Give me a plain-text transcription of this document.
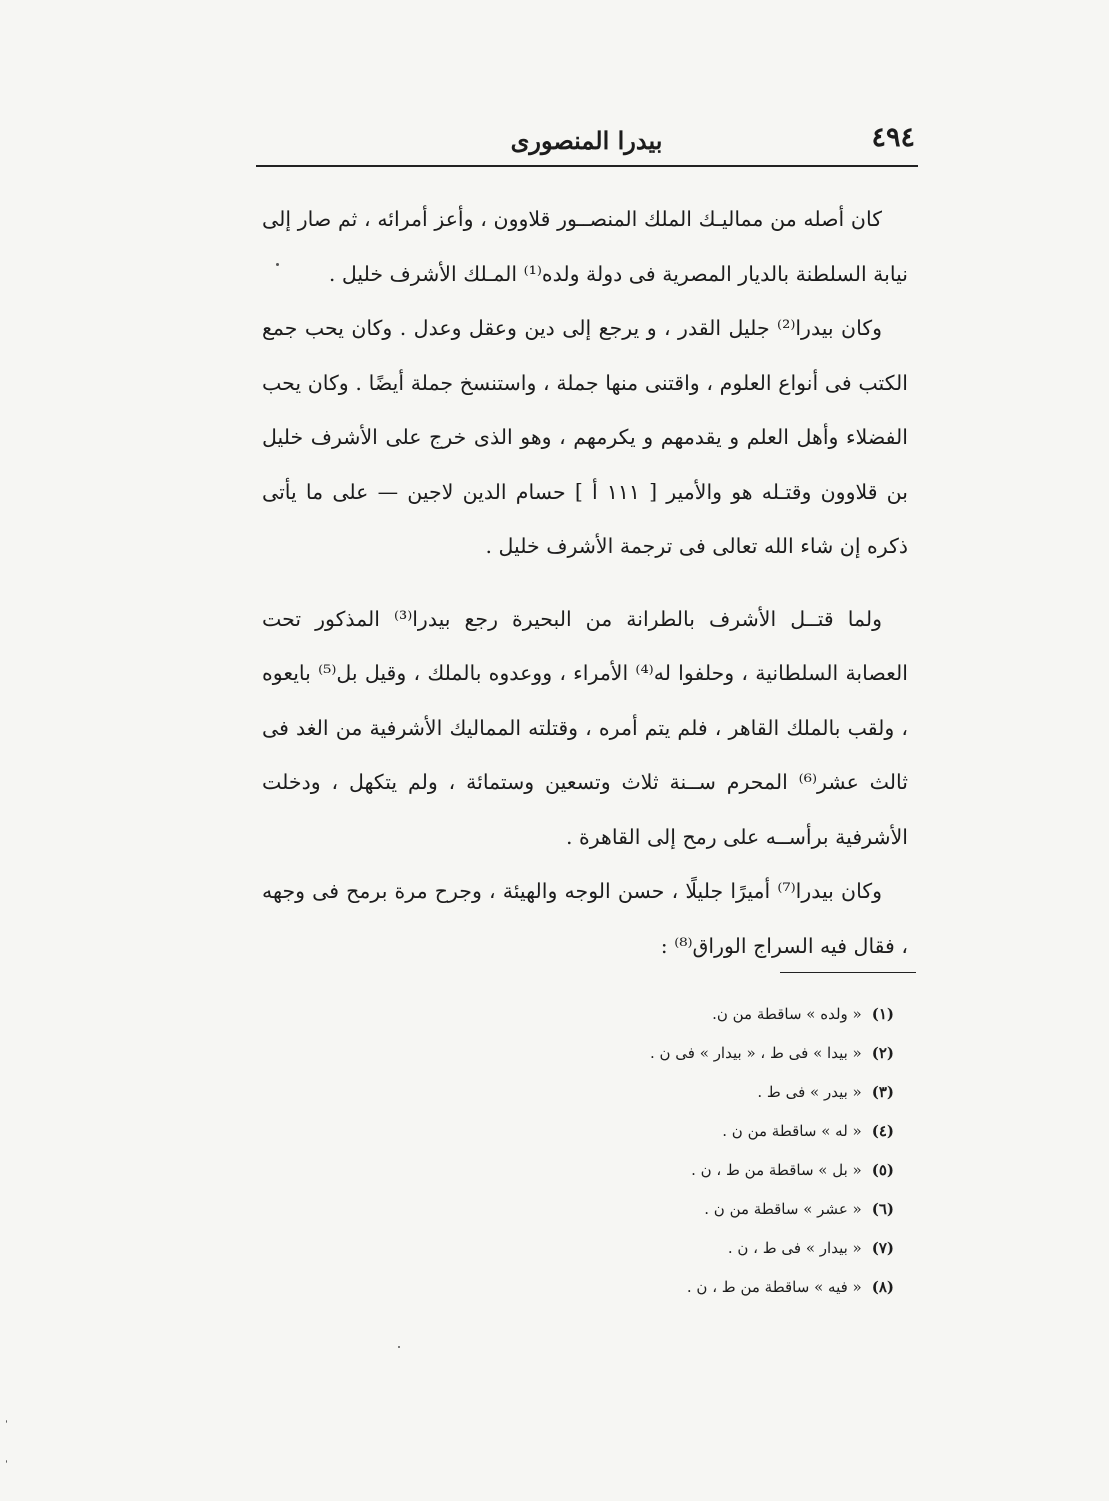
٤٩٤
بيدرا المنصورى

كان أصله من مماليـك الملك المنصــور قلاوون ، وأعز أمرائه ، ثم صار إلى نيابة السلطنة بالديار المصرية فى دولة ولده⁽¹⁾ المـلك الأشرف خليل .

وكان بيدرا⁽²⁾ جليل القدر ، و يرجع إلى دين وعقل وعدل . وكان يحب جمع الكتب فى أنواع العلوم ، واقتنى منها جملة ، واستنسخ جملة أيضًا . وكان يحب الفضلاء وأهل العلم و يقدمهم و يكرمهم ، وهو الذى خرج على الأشرف خليل بن قلاوون وقتـله هو والأمير [ ١١١ أ ] حسام الدين لاجين — على ما يأتى ذكره إن شاء الله تعالى فى ترجمة الأشرف خليل .

ولما قتــل الأشرف بالطرانة من البحيرة رجع بيدرا⁽³⁾ المذكور تحت العصابة السلطانية ، وحلفوا له⁽⁴⁾ الأمراء ، ووعدوه بالملك ، وقيل بل⁽⁵⁾ بايعوه ، ولقب بالملك القاهر ، فلم يتم أمره ، وقتلته المماليك الأشرفية من الغد فى ثالث عشر⁽⁶⁾ المحرم ســنة ثلاث وتسعين وستمائة ، ولم يتكهل ، ودخلت الأشرفية برأســه على رمح إلى القاهرة .

وكان بيدرا⁽⁷⁾ أميرًا جليلًا ، حسن الوجه والهيئة ، وجرح مرة برمح فى وجهه ، فقال فيه السراج الوراق⁽⁸⁾ :

(١)« ولده » ساقطة من ن.
(٢)« بيدا » فى ط ، « بيدار » فى ن .
(٣)« بيدر » فى ط .
(٤)« له » ساقطة من ن .
(٥)« بل » ساقطة من ط ، ن .
(٦)« عشر » ساقطة من ن .
(٧)« بيدار » فى ط ، ن .
(٨)« فيه » ساقطة من ط ، ن .
